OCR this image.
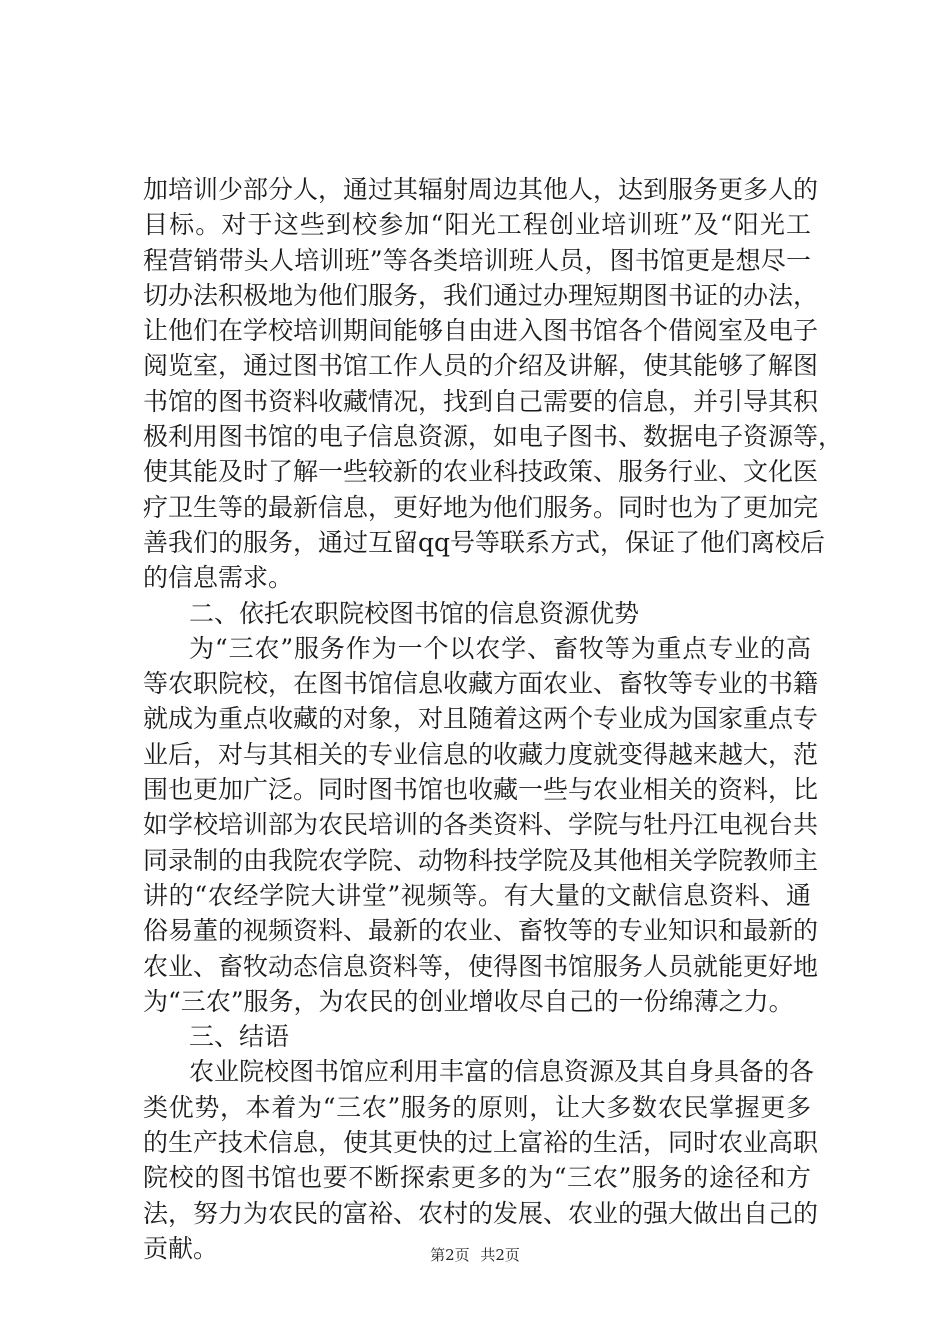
加培训少部分人，通过其辐射周边其他人，达到服务更多人的
目标。对于这些到校参加“阳光工程创业培训班”及“阳光工
程营销带头人培训班”等各类培训班人员，图书馆更是想尽一
切办法积极地为他们服务，我们通过办理短期图书证的办法，
让他们在学校培训期间能够自由进入图书馆各个借阅室及电子
阅览室，通过图书馆工作人员的介绍及讲解，使其能够了解图
书馆的图书资料收藏情况，找到自己需要的信息，并引导其积
极利用图书馆的电子信息资源，如电子图书、数据电子资源等，
使其能及时了解一些较新的农业科技政策、服务行业、文化医
疗卫生等的最新信息，更好地为他们服务。同时也为了更加完
善我们的服务，通过互留qq号等联系方式，保证了他们离校后
的信息需求。
二、依托农职院校图书馆的信息资源优势
为“三农”服务作为一个以农学、畜牧等为重点专业的高
等农职院校，在图书馆信息收藏方面农业、畜牧等专业的书籍
就成为重点收藏的对象，对且随着这两个专业成为国家重点专
业后，对与其相关的专业信息的收藏力度就变得越来越大，范
围也更加广泛。同时图书馆也收藏一些与农业相关的资料，比
如学校培训部为农民培训的各类资料、学院与牡丹江电视台共
同录制的由我院农学院、动物科技学院及其他相关学院教师主
讲的“农经学院大讲堂”视频等。有大量的文献信息资料、通
俗易董的视频资料、最新的农业、畜牧等的专业知识和最新的
农业、畜牧动态信息资料等，使得图书馆服务人员就能更好地
为“三农”服务，为农民的创业增收尽自己的一份绵薄之力。
三、结语
农业院校图书馆应利用丰富的信息资源及其自身具备的各
类优势，本着为“三农”服务的原则，让大多数农民掌握更多
的生产技术信息，使其更快的过上富裕的生活，同时农业高职
院校的图书馆也要不断探索更多的为“三农”服务的途径和方
法，努力为农民的富裕、农村的发展、农业的强大做出自己的
贡献。	第2页 共2页
